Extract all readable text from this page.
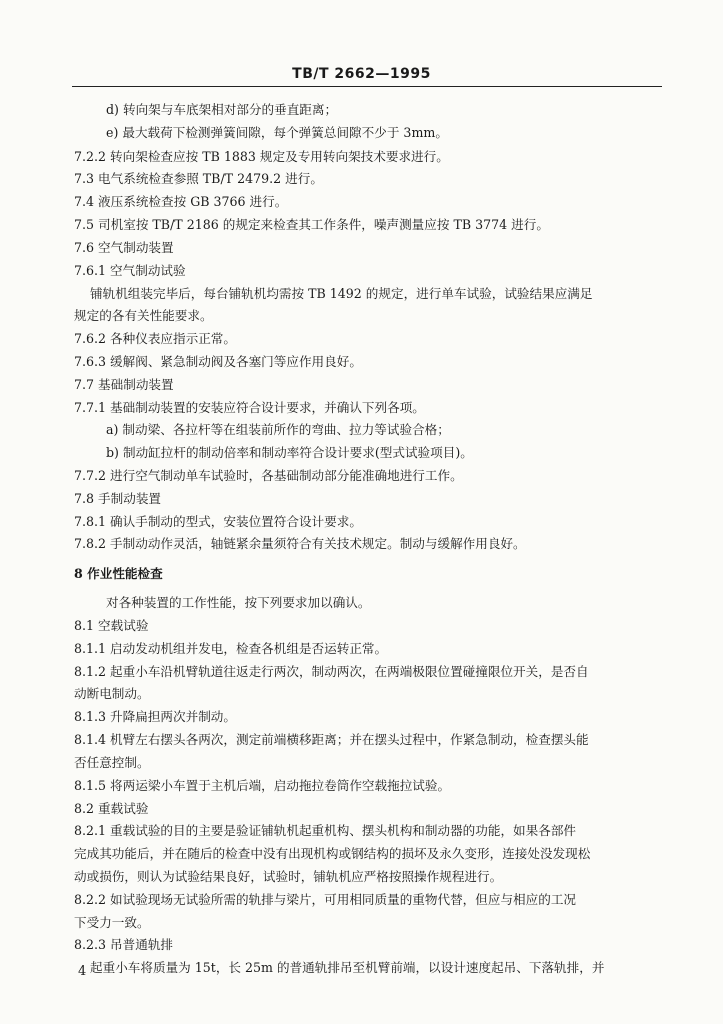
TB/T 2662—1995
d) 转向架与车底架相对部分的垂直距离；
e) 最大载荷下检测弹簧间隙，每个弹簧总间隙不少于 3mm。
7.2.2 转向架检查应按 TB 1883 规定及专用转向架技术要求进行。
7.3 电气系统检查参照 TB/T 2479.2 进行。
7.4 液压系统检查按 GB 3766 进行。
7.5 司机室按 TB/T 2186 的规定来检查其工作条件，噪声测量应按 TB 3774 进行。
7.6 空气制动装置
7.6.1 空气制动试验
铺轨机组装完毕后，每台铺轨机均需按 TB 1492 的规定，进行单车试验，试验结果应满足
规定的各有关性能要求。
7.6.2 各种仪表应指示正常。
7.6.3 缓解阀、紧急制动阀及各塞门等应作用良好。
7.7 基础制动装置
7.7.1 基础制动装置的安装应符合设计要求，并确认下列各项。
a) 制动梁、各拉杆等在组装前所作的弯曲、拉力等试验合格；
b) 制动缸拉杆的制动倍率和制动率符合设计要求(型式试验项目)。
7.7.2 进行空气制动单车试验时，各基础制动部分能准确地进行工作。
7.8 手制动装置
7.8.1 确认手制动的型式，安装位置符合设计要求。
7.8.2 手制动动作灵活，轴链紧余量须符合有关技术规定。制动与缓解作用良好。
8 作业性能检查
对各种装置的工作性能，按下列要求加以确认。
8.1 空载试验
8.1.1 启动发动机组并发电，检查各机组是否运转正常。
8.1.2 起重小车沿机臂轨道往返走行两次，制动两次，在两端极限位置碰撞限位开关，是否自
动断电制动。
8.1.3 升降扁担两次并制动。
8.1.4 机臂左右摆头各两次，测定前端横移距离；并在摆头过程中，作紧急制动，检查摆头能
否任意控制。
8.1.5 将两运梁小车置于主机后端，启动拖拉卷筒作空载拖拉试验。
8.2 重载试验
8.2.1 重载试验的目的主要是验证铺轨机起重机构、摆头机构和制动器的功能，如果各部件
完成其功能后，并在随后的检查中没有出现机构或钢结构的损坏及永久变形，连接处没发现松
动或损伤，则认为试验结果良好，试验时，铺轨机应严格按照操作规程进行。
8.2.2 如试验现场无试验所需的轨排与梁片，可用相同质量的重物代替，但应与相应的工况
下受力一致。
8.2.3 吊普通轨排
起重小车将质量为 15t，长 25m 的普通轨排吊至机臂前端，以设计速度起吊、下落轨排，并
4
